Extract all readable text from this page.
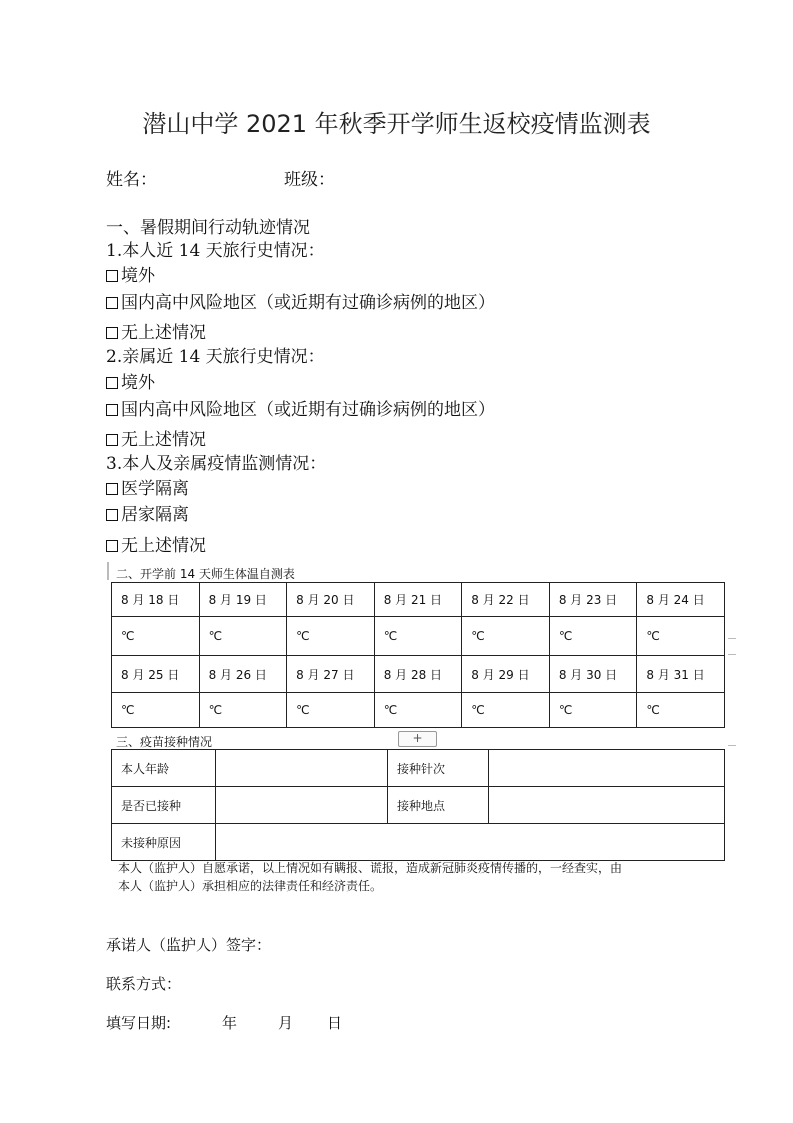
潜山中学 2021 年秋季开学师生返校疫情监测表
姓名：	班级：
一、暑假期间行动轨迹情况
1.本人近 14 天旅行史情况：
境外
国内高中风险地区（或近期有过确诊病例的地区）
无上述情况
2.亲属近 14 天旅行史情况：
境外
国内高中风险地区（或近期有过确诊病例的地区）
无上述情况
3.本人及亲属疫情监测情况：
医学隔离
居家隔离
无上述情况
二、开学前 14 天师生体温自测表
8 月 18 日	8 月 19 日	8 月 20 日	8 月 21 日	8 月 22 日	8 月 23 日	8 月 24 日
℃	℃	℃	℃	℃	℃	℃
8 月 25 日	8 月 26 日	8 月 27 日	8 月 28 日	8 月 29 日	8 月 30 日	8 月 31 日
℃	℃	℃	℃	℃	℃	℃
三、疫苗接种情况	+
本人年龄		接种针次	
是否已接种		接种地点	
未接种原因			
本人（监护人）自愿承诺，以上情况如有瞒报、谎报，造成新冠肺炎疫情传播的，一经查实，由
本人（监护人）承担相应的法律责任和经济责任。
承诺人（监护人）签字：
联系方式：
填写日期:	年	月 日
